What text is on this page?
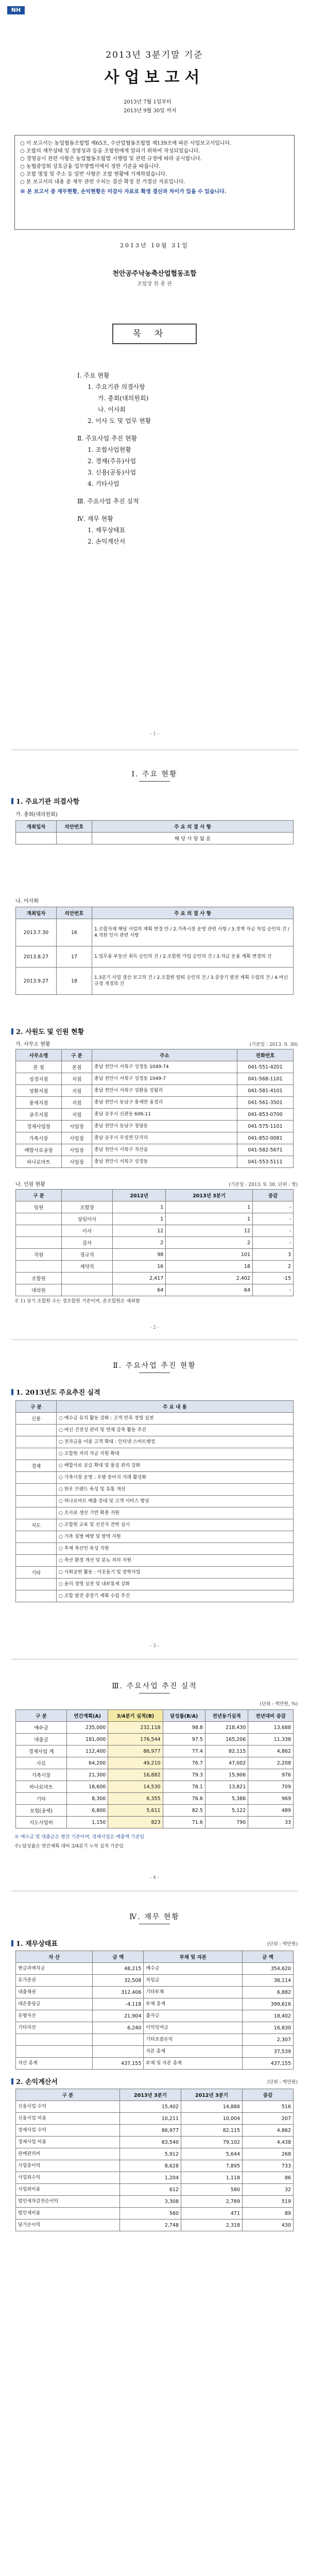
NH
2013년 3분기말 기준
사업보고서
2013년 7월 1일부터
2013년 9월 30일 까지

○ 이 보고서는 농업협동조합법 제65조, 수산업협동조합법 제139조에 따른 사업보고서입니다.

○ 조합의 재무상태 및 경영성과 등을 조합원에게 알리기 위하여 작성되었습니다.

○ 경영공시 관련 사항은 농업협동조합법 시행령 및 관련 규정에 따라 공시합니다.

○ 농협중앙회 상호금융 업무방법서에서 정한 기준을 따릅니다.

○ 조합 명칭 및 주소 등 일반 사항은 조합 현황에 기재하였습니다.

○ 본 보고서의 내용 중 재무 관련 수치는 결산 확정 전 가결산 자료입니다.

※ 본 보고서 중 재무현황, 손익현황은 미감사 자료로 확정 결산과 차이가 있을 수 있습니다.

2013년 10월 31일
천안공주낙농축산업협동조합
조합장 원 종 관
목차
Ⅰ. 주요 현황
1. 주요기관 의결사항
가. 총회(대의원회)
나. 이사회
2. 이사 도 및 업무 현황
Ⅱ. 주요사업 추진 현황
1. 조합사업현황
2. 경제(주유)사업
3. 신용(공동)사업
4. 기타사업
Ⅲ. 주요사업 추진 실적
Ⅳ. 재무 현황
1. 재무상태표
2. 손익계산서
- 1 -
Ⅰ. 주요 현황
1. 주요기관 의결사항
가. 총회(대의원회)
개최일자	의안번호	주 요 의 결 사 항
		해 당 사 항 없 음
나. 이사회
개최일자	의안번호	주 요 의 결 사 항
2013.7.30	16	1.조합자재 해당 사업의 계획 변경 안 / 2.가축시장 운영 관련 사항 / 3.정책 자금 차입 승인의 건 / 4.직원 인사 관련 사항
2013.8.27	17	1.업무용 부동산 취득 승인의 건 / 2.조합원 가입 승인의 건 / 3.자금 운용 계획 변경의 건
2013.9.27	18	1.3분기 사업 결산 보고의 건 / 2.조합원 탈퇴 승인의 건 / 3.중장기 발전 계획 수립의 건 / 4.여신 규정 개정의 건
2. 사원도 및 인원 현황
가. 사무소 현황	(기준일 : 2013. 9. 30)
사무소명	구 분	주소	전화번호
본 점	본점	충남 천안시 서북구 성정동 1049-74	041-551-4201
성정지점	지점	충남 천안시 서북구 성정동 1049-7	041-568-1101
성환지점	지점	충남 천안시 서북구 성환읍 성월리	041-581-4101
풍세지점	지점	충남 천안시 동남구 풍세면 용정리	041-561-3501
공주지점	지점	충남 공주시 신관동 606-11	041-853-0700
경제사업장	사업장	충남 천안시 동남구 청당동	041-575-1101
가축시장	사업장	충남 공주시 우성면 단지리	041-852-0081
배합사료공장	사업장	충남 천안시 서북구 직산읍	041-582-5671
하나로마트	사업장	충남 천안시 서북구 성정동	041-553-5111
나. 인원 현황	(기준일 : 2013. 9. 30, 단위 : 명)
구 분		2012년	2013년 3분기	증감
임원	조합장	1	1	-
	상임이사	1	1	-
	이사	12	12	-
	감사	2	2	-
직원	정규직	98	101	3
	계약직	16	18	2
조합원		2,417	2,402	-15
대의원		64	64	-
주 1) 상기 조합원 수는 정조합원 기준이며, 준조합원은 제외함
- 2 -
Ⅱ. 주요사업 추진 현황
1. 2013년도 주요추진 실적
구 분	주 요 내 용
신용	○ 예수금 유치 활동 강화 : 고객 만족 경영 실천
	○ 여신 건전성 관리 및 연체 감축 활동 추진
	○ 전자금융 이용 고객 확대 : 인터넷·스마트뱅킹
	○ 조합원 저리 자금 지원 확대
경제	○ 배합사료 공급 확대 및 품질 관리 강화
	○ 가축시장 운영 : 우량 송아지 거래 활성화
	○ 한우 브랜드 육성 및 유통 개선
	○ 하나로마트 매출 증대 및 고객 서비스 향상
	○ 조사료 생산 기반 확충 지원
지도	○ 조합원 교육 및 선진지 견학 실시
	○ 가축 질병 예방 및 방역 지원
	○ 후계 축산인 육성 지원
	○ 축산 환경 개선 및 분뇨 처리 지원
기타	○ 사회공헌 활동 : 이웃돕기 및 장학사업
	○ 윤리 경영 실천 및 내부통제 강화
	○ 조합 발전 중장기 계획 수립 추진
- 3 -
Ⅲ. 주요사업 추진 실적
(단위 : 백만원, %)
구 분	연간계획(A)	3/4분기 실적(B)	달성률(B/A)	전년동기실적	전년대비 증감
예수금	235,000	232,118	98.8	218,430	13,688
대출금	181,000	176,544	97.5	165,206	11,338
경제사업 계	112,400	86,977	77.4	82,115	4,862
사료	64,200	49,210	76.7	47,002	2,208
가축시장	21,300	16,882	79.3	15,906	976
하나로마트	18,600	14,530	78.1	13,821	709
기타	8,300	6,355	76.6	5,386	969
보험(공제)	6,800	5,611	82.5	5,122	489
지도사업비	1,150	823	71.6	790	33
※ 예수금 및 대출금은 평잔 기준이며, 경제사업은 매출액 기준임
주) 달성률은 연간계획 대비 3/4분기 누적 실적 기준임
- 4 -
Ⅳ. 재무 현황
1. 재무상태표	(단위 : 백만원)
자 산	금 액	부채 및 자본	금 액
현금과예치금	48,215	예수금	354,620
유가증권	32,508	차입금	38,114
대출채권	312,406	기타부채	6,882
대손충당금	-4,118	부채 총계	399,616
유형자산	21,904	출자금	18,402
기타자산	6,240	이익잉여금	16,830
		기타포괄손익	2,307
		자본 총계	37,539
자산 총계	437,155	부채 및 자본 총계	437,155
2. 손익계산서	(단위 : 백만원)
구 분	2013년 3분기	2012년 3분기	증감
신용사업 수익	15,402	14,886	516
신용사업 비용	10,211	10,004	207
경제사업 수익	86,977	82,115	4,862
경제사업 비용	83,540	79,102	4,438
판매관리비	5,912	5,644	268
사업총이익	8,628	7,895	733
사업외수익	1,204	1,118	86
사업외비용	612	580	32
법인세차감전순이익	3,308	2,789	519
법인세비용	560	471	89
당기순이익	2,748	2,318	430
